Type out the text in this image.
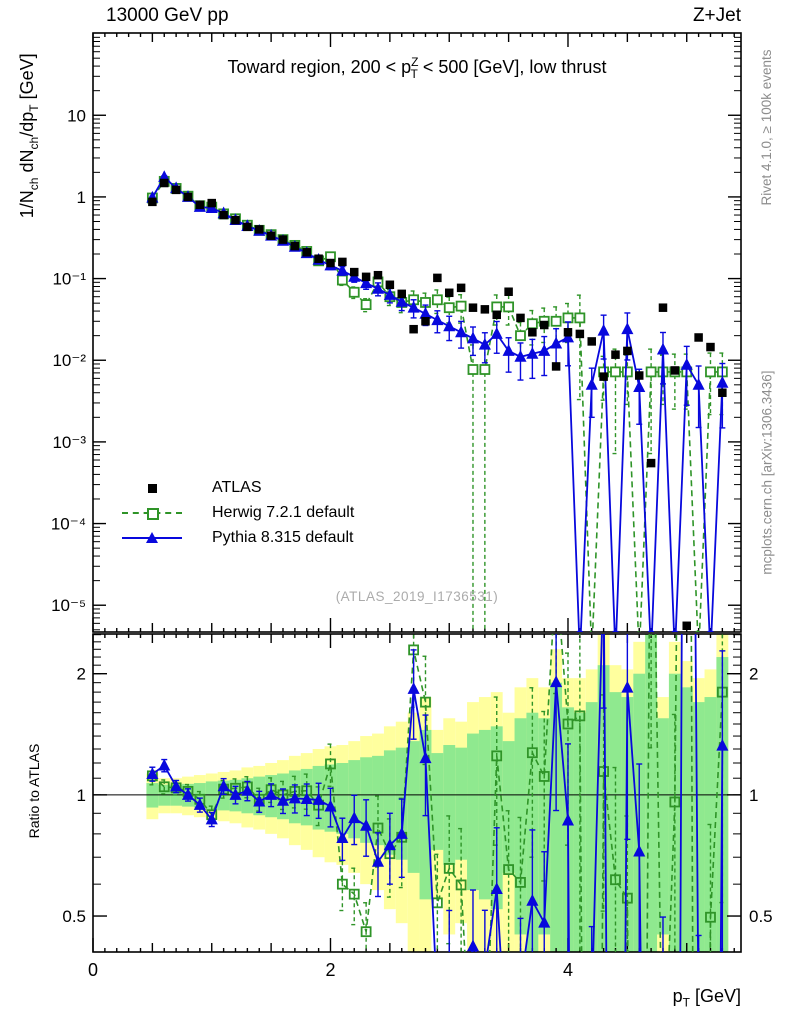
0	2	4
10
1
10⁻¹
10⁻²
10⁻³
10⁻⁴
10⁻⁵
2	2
1	1
0.5	0.5
13000 GeV pp	Z+Jet
Toward region, $200 < p^Z_T < 500$ [GeV], low thrust
$1/N_{ch}$ $dN_{ch}/dp_T$ [GeV]	Rivet 4.1.0, ≥ 100k events
mcplots.cern.ch [arXiv:1306.3436]
(ATLAS_2019_I1736531)
Ratio to ATLAS
$p_T$ [GeV]
ATLAS
Herwig 7.2.1 default
Pythia 8.315 default
